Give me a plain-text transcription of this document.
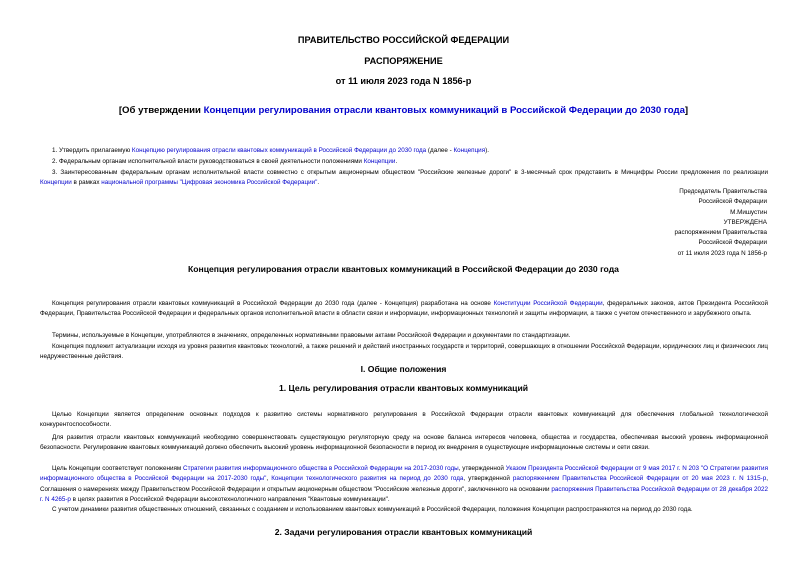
ПРАВИТЕЛЬСТВО РОССИЙСКОЙ ФЕДЕРАЦИИ
РАСПОРЯЖЕНИЕ
от 11 июля 2023 года N 1856-р
[Об утверждении Концепции регулирования отрасли квантовых коммуникаций в Российской Федерации до 2030 года]
1. Утвердить прилагаемую Концепцию регулирования отрасли квантовых коммуникаций в Российской Федерации до 2030 года (далее - Концепция).
2. Федеральным органам исполнительной власти руководствоваться в своей деятельности положениями Концепции.
3. Заинтересованным федеральным органам исполнительной власти совместно с открытым акционерным обществом "Российские железные дороги" в 3-месячный срок представить в Минцифры России предложения по реализации Концепции в рамках национальной программы "Цифровая экономика Российской Федерации".
Председатель Правительства
Российской Федерации
М.Мишустин
УТВЕРЖДЕНА
распоряжением Правительства
Российской Федерации
от 11 июля 2023 года N 1856-р
Концепция регулирования отрасли квантовых коммуникаций в Российской Федерации до 2030 года
Концепция регулирования отрасли квантовых коммуникаций в Российской Федерации до 2030 года (далее - Концепция) разработана на основе Конституции Российской Федерации, федеральных законов, актов Президента Российской Федерации, Правительства Российской Федерации и федеральных органов исполнительной власти в области связи и информации, информационных технологий и защиты информации, а также с учетом отечественного и зарубежного опыта.
Термины, используемые в Концепции, употребляются в значениях, определенных нормативными правовыми актами Российской Федерации и документами по стандартизации.
Концепция подлежит актуализации исходя из уровня развития квантовых технологий, а также решений и действий иностранных государств и территорий, совершающих в отношении Российской Федерации, юридических лиц и физических лиц недружественные действия.
I. Общие положения
1. Цель регулирования отрасли квантовых коммуникаций
Целью Концепции является определение основных подходов к развитию системы нормативного регулирования в Российской Федерации отрасли квантовых коммуникаций для обеспечения глобальной технологической конкурентоспособности.
Для развития отрасли квантовых коммуникаций необходимо совершенствовать существующую регуляторную среду на основе баланса интересов человека, общества и государства, обеспечивая высокий уровень информационной безопасности. Регулирование квантовых коммуникаций должно обеспечить высокий уровень информационной безопасности в период их внедрения в существующие информационные системы и сети связи.
Цель Концепции соответствует положениям Стратегии развития информационного общества в Российской Федерации на 2017-2030 годы, утвержденной Указом Президента Российской Федерации от 9 мая 2017 г. N 203 "О Стратегии развития информационного общества в Российской Федерации на 2017-2030 годы", Концепции технологического развития на период до 2030 года, утвержденной распоряжением Правительства Российской Федерации от 20 мая 2023 г. N 1315-р, Соглашения о намерениях между Правительством Российской Федерации и открытым акционерным обществом "Российские железные дороги", заключенного на основании распоряжения Правительства Российской Федерации от 28 декабря 2022 г. N 4265-р в целях развития в Российской Федерации высокотехнологичного направления "Квантовые коммуникации".
С учетом динамики развития общественных отношений, связанных с созданием и использованием квантовых коммуникаций в Российской Федерации, положения Концепции распространяются на период до 2030 года.
2. Задачи регулирования отрасли квантовых коммуникаций
